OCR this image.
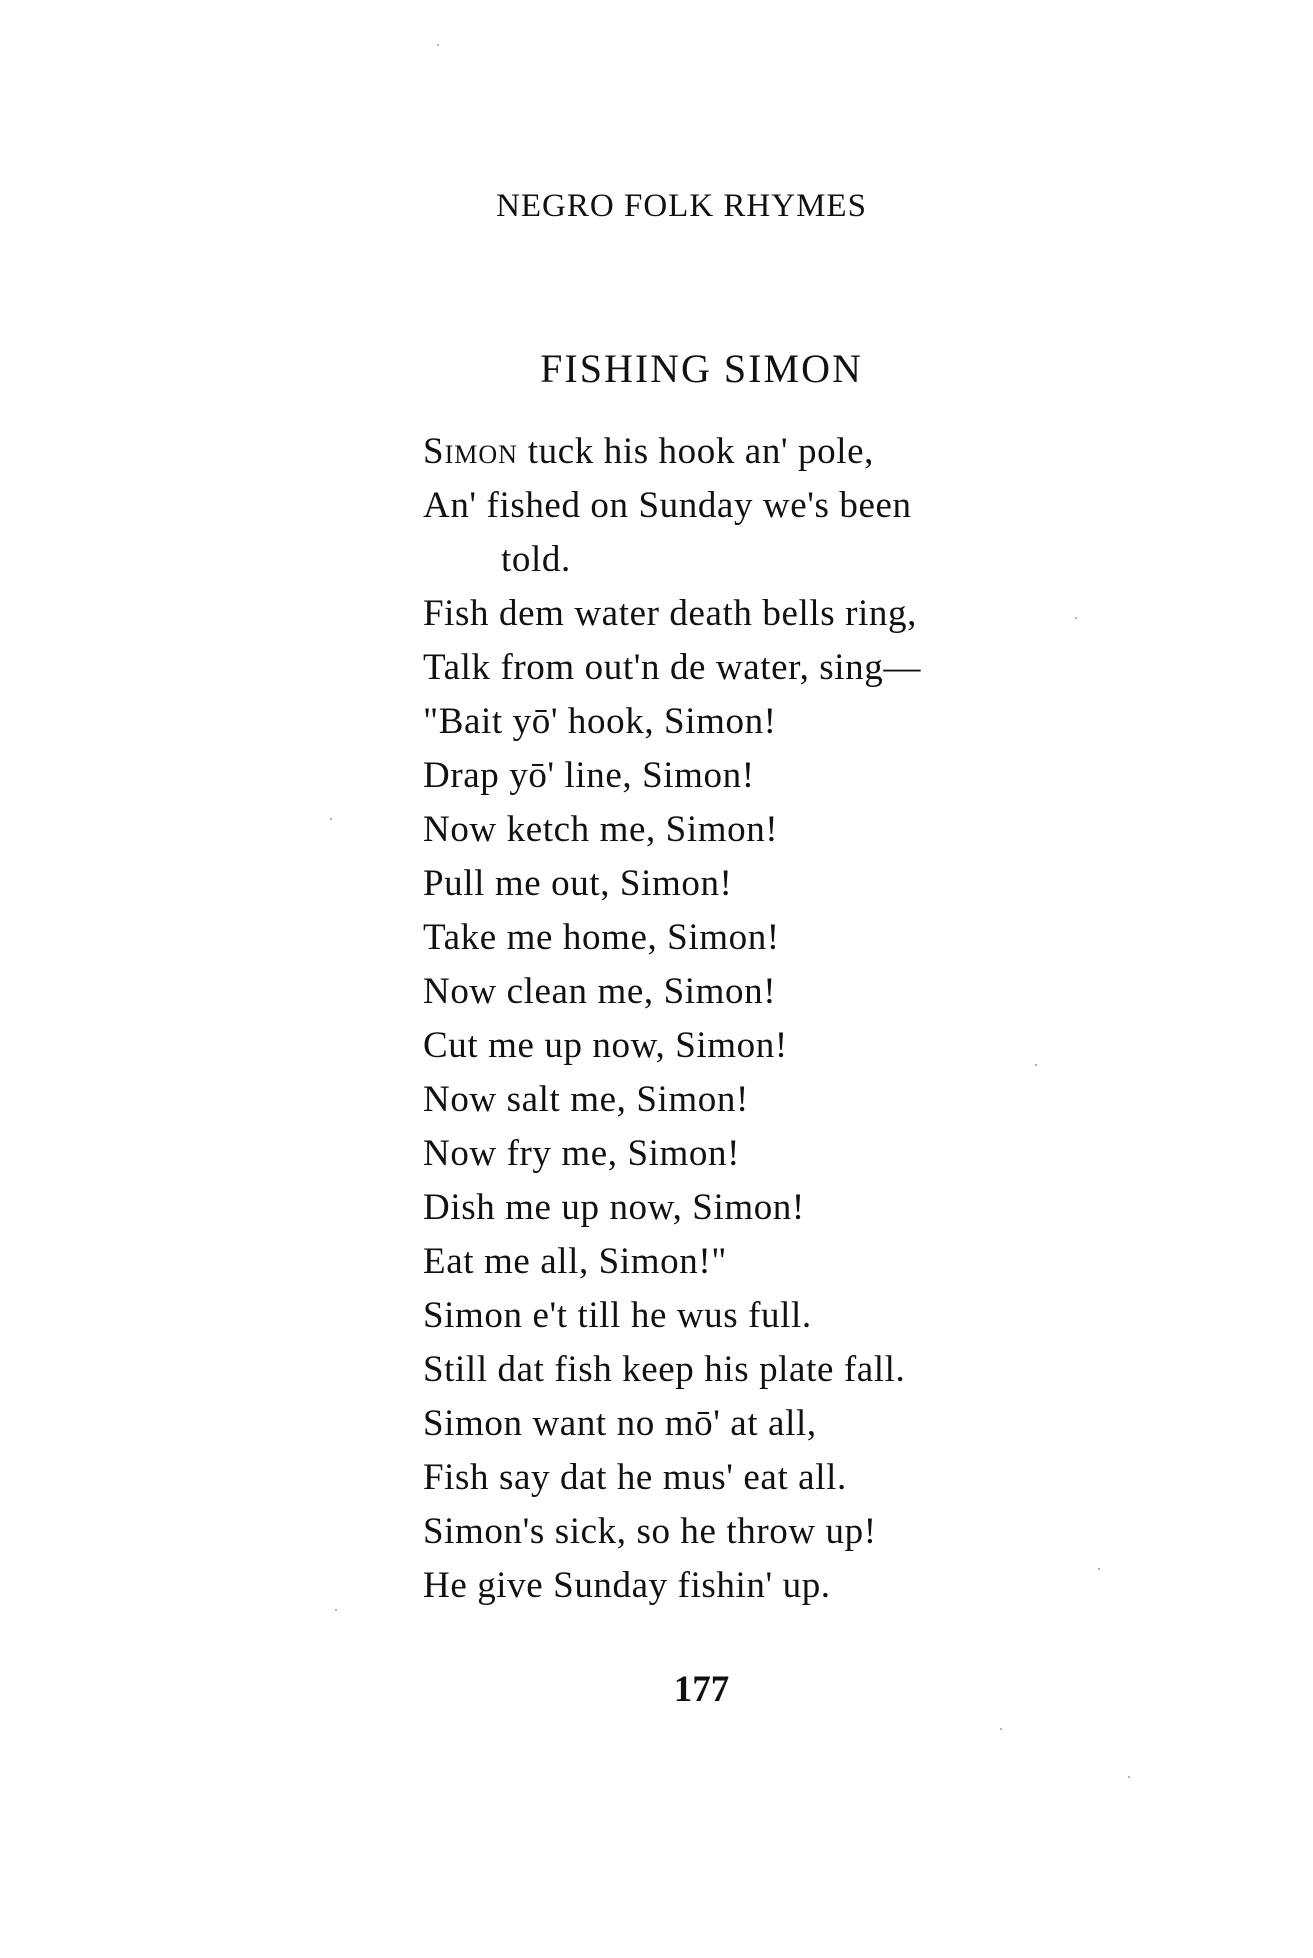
NEGRO FOLK RHYMES
FISHING SIMON
Simon tuck his hook an' pole,
An' fished on Sunday we's been
told.
Fish dem water death bells ring,
Talk from out'n de water, sing—
"Bait yō' hook, Simon!
Drap yō' line, Simon!
Now ketch me, Simon!
Pull me out, Simon!
Take me home, Simon!
Now clean me, Simon!
Cut me up now, Simon!
Now salt me, Simon!
Now fry me, Simon!
Dish me up now, Simon!
Eat me all, Simon!"
Simon e't till he wus full.
Still dat fish keep his plate fall.
Simon want no mō' at all,
Fish say dat he mus' eat all.
Simon's sick, so he throw up!
He give Sunday fishin' up.
177
